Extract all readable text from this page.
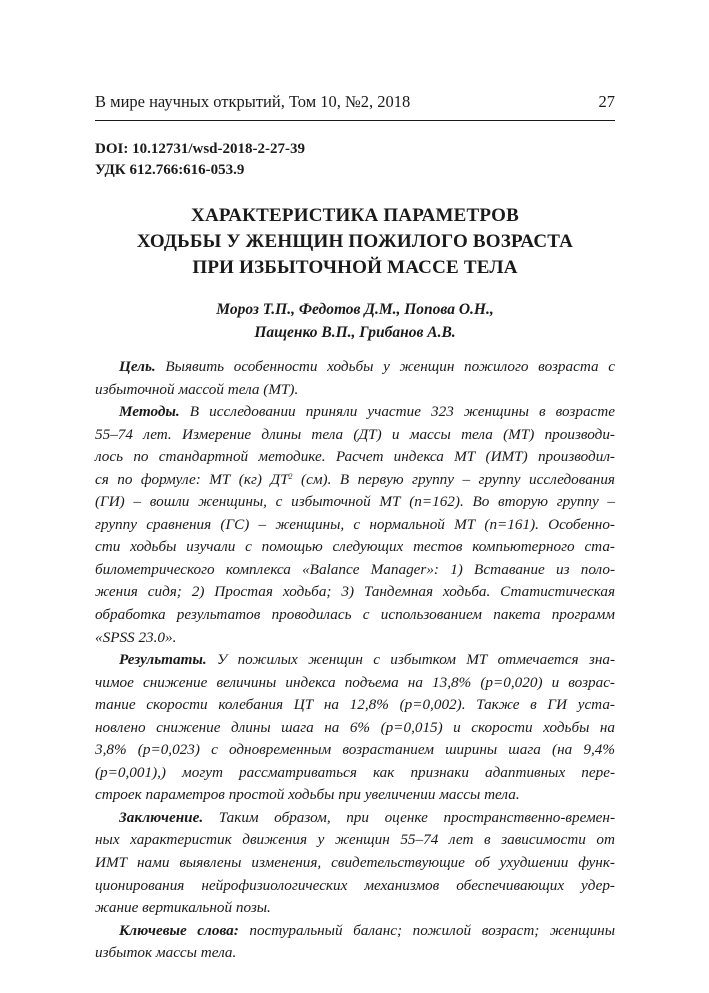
В мире научных открытий, Том 10, №2, 2018	27
DOI: 10.12731/wsd-2018-2-27-39
УДК 612.766:616-053.9
ХАРАКТЕРИСТИКА ПАРАМЕТРОВ
ХОДЬБЫ У ЖЕНЩИН ПОЖИЛОГО ВОЗРАСТА
ПРИ ИЗБЫТОЧНОЙ МАССЕ ТЕЛА
Мороз Т.П., Федотов Д.М., Попова О.Н.,
Пащенко В.П., Грибанов А.В.
Цель. Выявить особенности ходьбы у женщин пожилого возраста с
избыточной массой тела (МТ).
Методы. В исследовании приняли участие 323 женщины в возрасте
55–74 лет. Измерение длины тела (ДТ) и массы тела (МТ) производи-
лось по стандартной методике. Расчет индекса МТ (ИМТ) производил-
ся по формуле: МТ (кг) $ДТ^2$ (см). В первую группу – группу исследования
(ГИ) – вошли женщины, с избыточной МТ (n=162). Во вторую группу –
группу сравнения (ГС) – женщины, с нормальной МТ (n=161). Особенно-
сти ходьбы изучали с помощью следующих тестов компьютерного ста-
билометрического комплекса «Balance Manager»: 1) Вставание из поло-
жения сидя; 2) Простая ходьба; 3) Тандемная ходьба. Статистическая
обработка результатов проводилась с использованием пакета программ
«SPSS 23.0».
Результаты. У пожилых женщин с избытком МТ отмечается зна-
чимое снижение величины индекса подъема на 13,8% (p=0,020) и возрас-
тание скорости колебания ЦТ на 12,8% (p=0,002). Также в ГИ уста-
новлено снижение длины шага на 6% (p=0,015) и скорости ходьбы на
3,8% (p=0,023) с одновременным возрастанием ширины шага (на 9,4%
(p=0,001),) могут рассматриваться как признаки адаптивных пере-
строек параметров простой ходьбы при увеличении массы тела.
Заключение. Таким образом, при оценке пространственно-времен-
ных характеристик движения у женщин 55–74 лет в зависимости от
ИМТ нами выявлены изменения, свидетельствующие об ухудшении функ-
ционирования нейрофизиологических механизмов обеспечивающих удер-
жание вертикальной позы.
Ключевые слова: постуральный баланс; пожилой возраст; женщины
избыток массы тела.
